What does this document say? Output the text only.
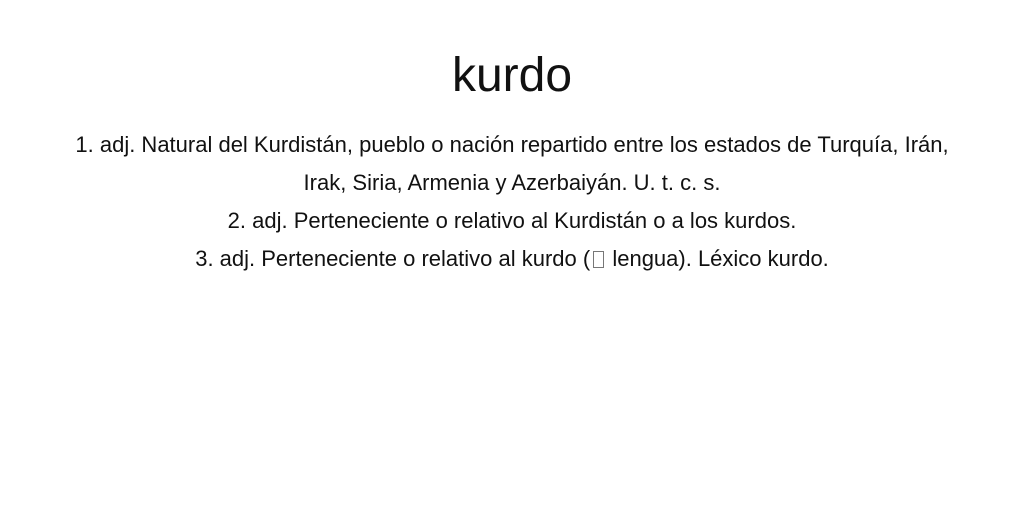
kurdo

1. adj. Natural del Kurdistán, pueblo o nación repartido entre los estados de Turquía, Irán, Irak, Siria, Armenia y Azerbaiyán. U. t. c. s.

2. adj. Perteneciente o relativo al Kurdistán o a los kurdos.

3. adj. Perteneciente o relativo al kurdo ( lengua). Léxico kurdo.
